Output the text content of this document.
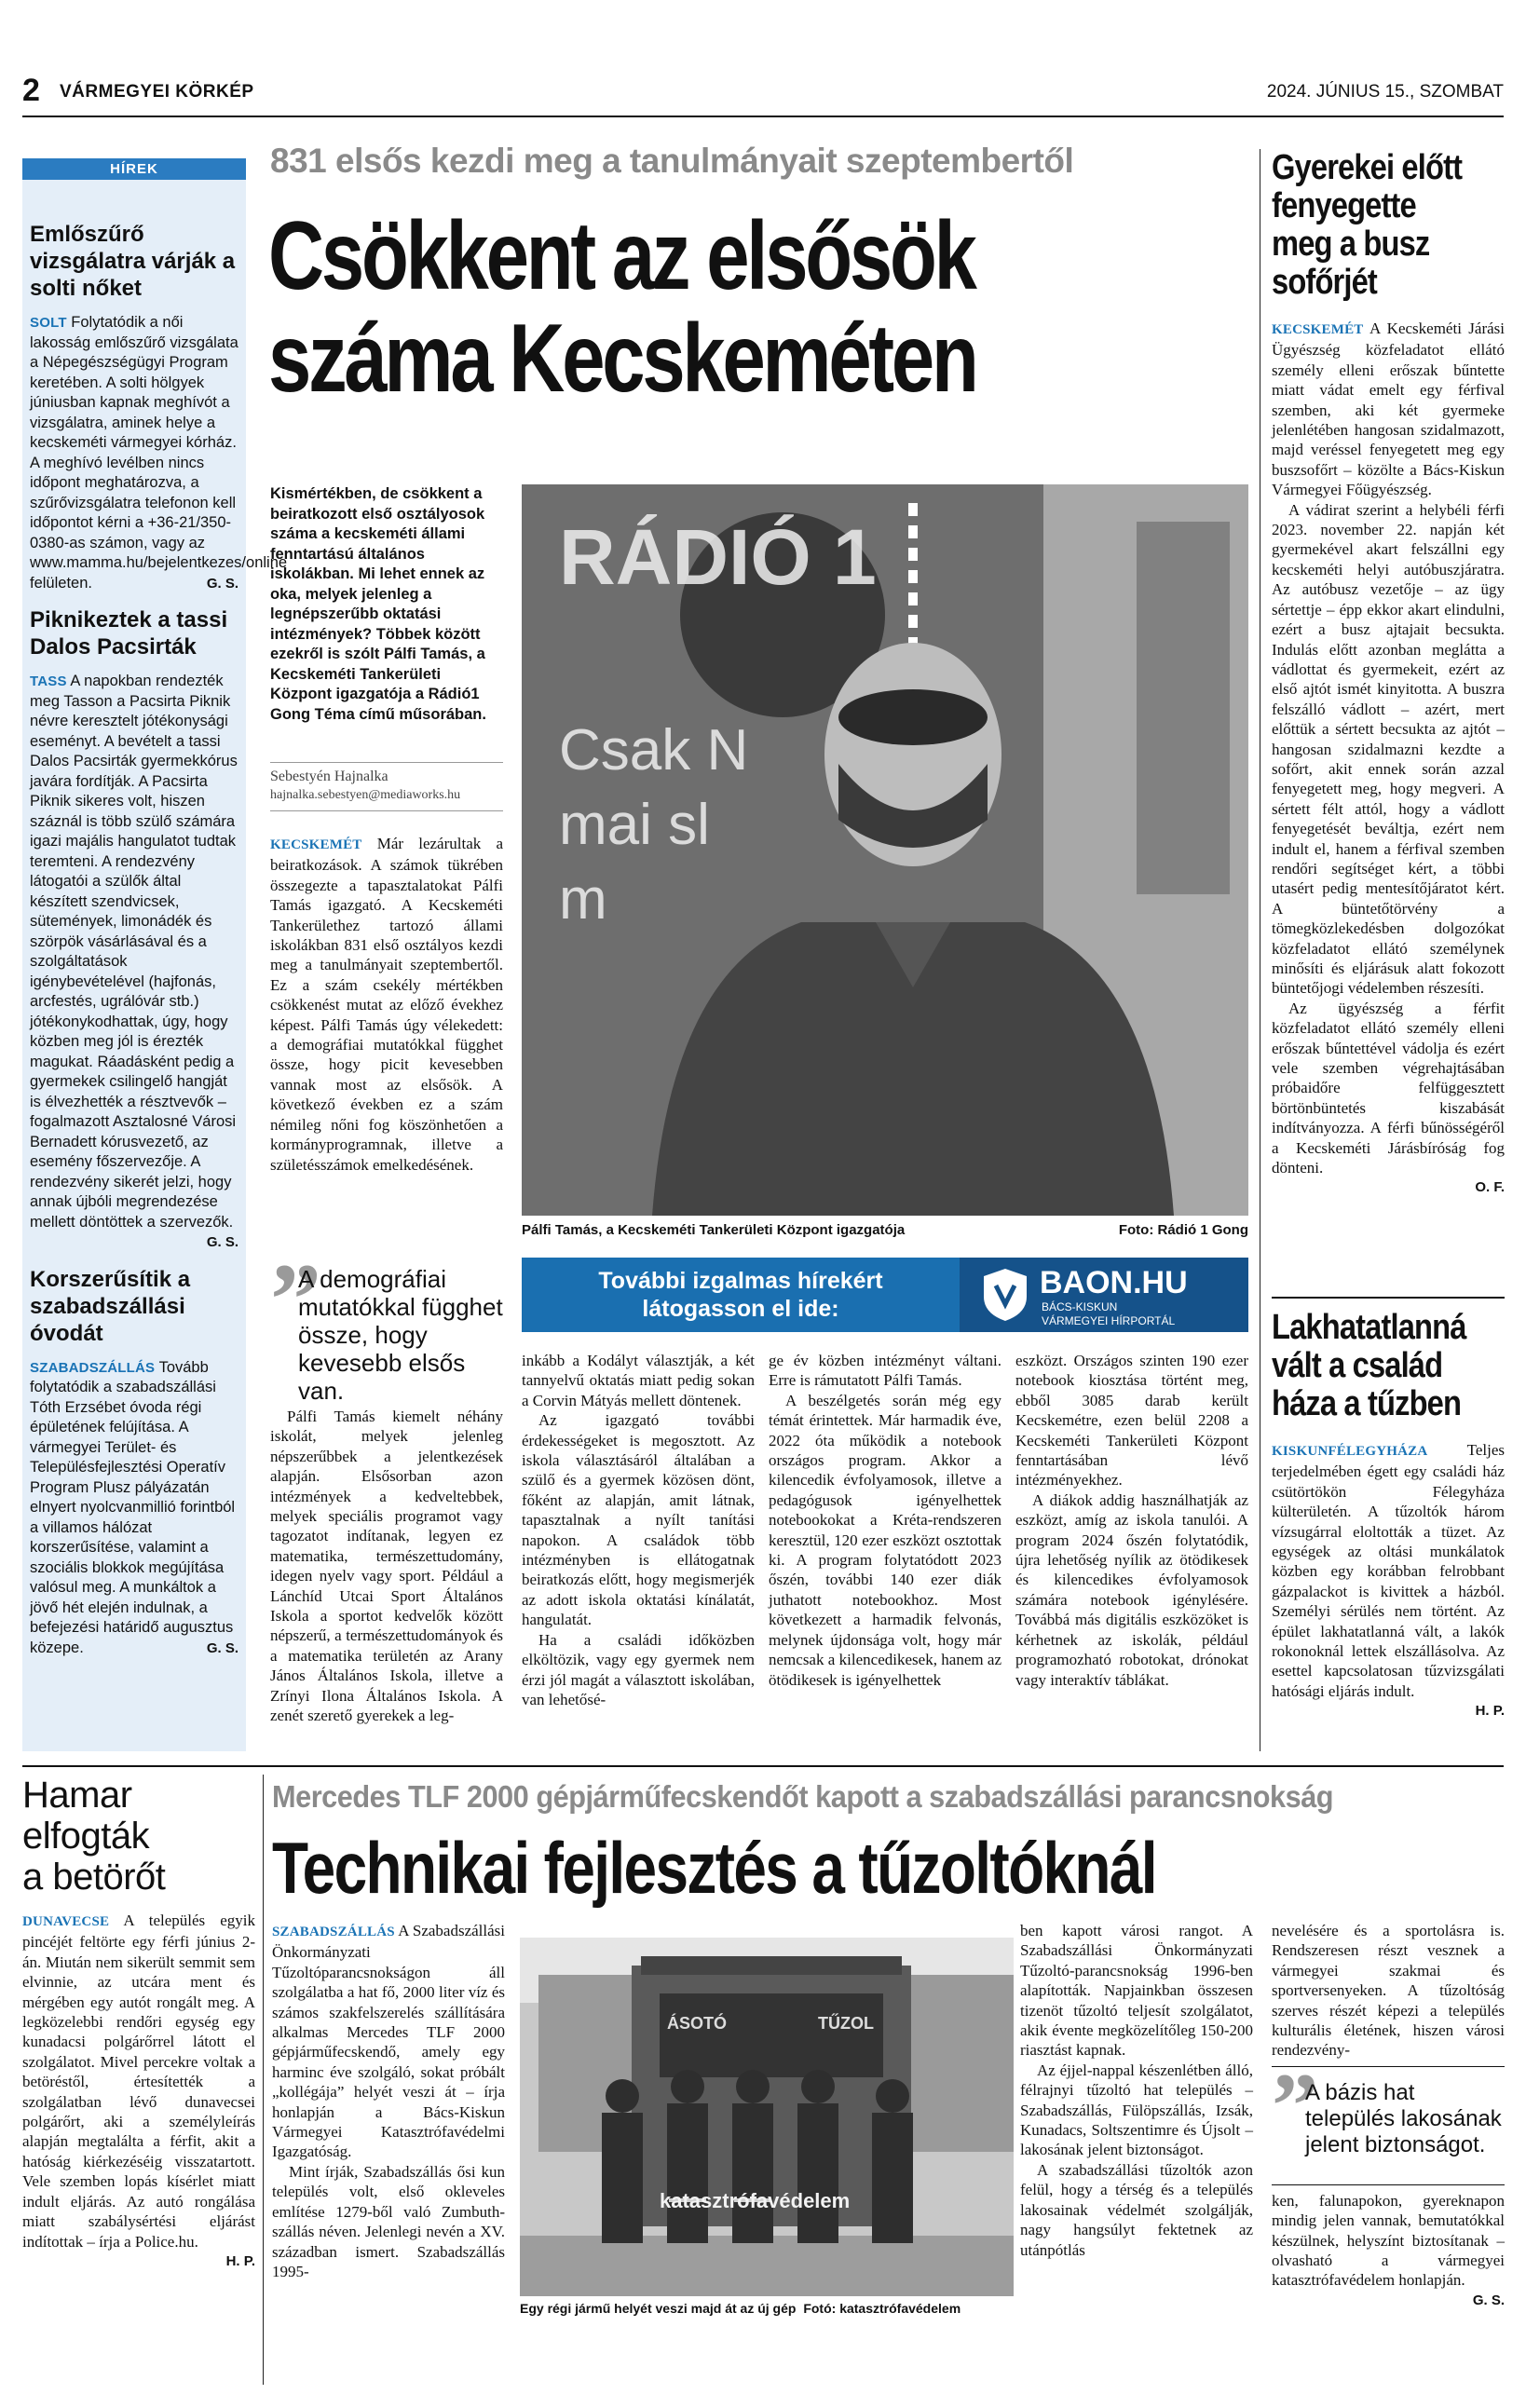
2 VÁRMEGYEI KÖRKÉP	2024. JÚNIUS 15., SZOMBAT
HÍREK
Emlőszűrő vizsgálatra várják a solti nőket
SOLT Folytatódik a női lakosság emlőszűrő vizsgálata a Népegészségügyi Program keretében. A solti hölgyek júniusban kapnak meghívót a vizsgálatra, aminek helye a kecskeméti vármegyei kórház. A meghívó levélben nincs időpont meghatározva, a szűrővizsgálatra telefonon kell időpontot kérni a +36-21/350-0380-as számon, vagy az www.mamma.hu/bejelentkezes/online felületen.	G. S.
Piknikeztek a tassi Dalos Pacsirták
TASS A napokban rendezték meg Tasson a Pacsirta Piknik névre keresztelt jótékonysági eseményt. A bevételt a tassi Dalos Pacsirták gyermekkórus javára fordítják. A Pacsirta Piknik sikeres volt, hiszen száznál is több szülő számára igazi majális hangulatot tudtak teremteni. A rendezvény látogatói a szülők által készített szendvicsek, sütemények, limonádék és szörpök vásárlásával és a szolgáltatások igénybevételével (hajfonás, arcfestés, ugrálóvár stb.) jótékonykodhattak, úgy, hogy közben meg jól is érezték magukat. Ráadásként pedig a gyermekek csilingelő hangját is élvezhették a résztvevők – fogalmazott Asztalosné Városi Bernadett kórusvezető, az esemény főszervezője. A rendezvény sikerét jelzi, hogy annak újbóli megrendezése mellett döntöttek a szervezők.
G. S.
Korszerűsítik a szabadszállási óvodát
SZABADSZÁLLÁS Tovább folytatódik a szabadszállási Tóth Erzsébet óvoda régi épületének felújítása. A vármegyei Terület- és Településfejlesztési Operatív Program Plusz pályázatán elnyert nyolcvanmillió forintból a villamos hálózat korszerűsítése, valamint a szociális blokkok megújítása valósul meg. A munkáltok a jövő hét elején indulnak, a befejezési határidő augusztus közepe.	G. S.
831 elsős kezdi meg a tanulmányait szeptembertől
Csökkent az elsősök
száma Kecskeméten
Kismértékben, de csökkent a beiratkozott első osztályosok száma a kecskeméti állami fenntartású általános iskolákban. Mi lehet ennek az oka, melyek jelenleg a legnépszerűbb oktatási intézmények? Többek között ezekről is szólt Pálfi Tamás, a Kecskeméti Tankerületi Központ igazgatója a Rádió1 Gong Téma című műsorában.
Sebestyén Hajnalka
hajnalka.sebestyen@mediaworks.hu
RÁDIÓ 1
Csak N
mai sl
m
Pálfi Tamás, a Kecskeméti Tankerületi Központ igazgatója	Foto: Rádió 1 Gong

KECSKEMÉT Már lezárultak a beiratkozások. A számok tükrében összegezte a tapasztalatokat Pálfi Tamás igazgató. A Kecskeméti Tankerülethez tartozó állami iskolákban 831 első osztályos kezdi meg a tanulmányait szeptembertől. Ez a szám csekély mértékben csökkenést mutat az előző évekhez képest. Pálfi Tamás úgy vélekedett: a demográfiai mutatókkal függhet össze, hogy picit kevesebben vannak most az elsősök. A következő években ez a szám némileg nőni fog köszönhetően a kormányprogramnak, illetve a születésszámok emelkedésének.

”
A demográfiai mutatókkal függhet össze, hogy kevesebb elsős van.
További izgalmas hírekért
látogasson el ide:
BAON.HU
BÁCS-KISKUN
VÁRMEGYEI HÍRPORTÁL

Pálfi Tamás kiemelt néhány iskolát, melyek jelenleg népszerűbbek a jelentkezések alapján. Elsősorban azon intézmények a kedveltebbek, melyek speciális programot vagy tagozatot indítanak, legyen ez matematika, természettudomány, idegen nyelv vagy sport. Például a Lánchíd Utcai Sport Általános Iskola a sportot kedvelők között népszerű, a természettudományok és a matematika területén az Arany János Általános Iskola, illetve a Zrínyi Ilona Általános Iskola. A zenét szerető gyerekek a leg-

inkább a Kodályt választják, a két tannyelvű oktatás miatt pedig sokan a Corvin Mátyás mellett döntenek.

Az igazgató további érdekességeket is megosztott. Az iskola választásáról általában a szülő és a gyermek közösen dönt, főként az alapján, amit látnak, tapasztalnak a nyílt tanítási napokon. A családok több intézményben is ellátogatnak beiratkozás előtt, hogy megismerjék az adott iskola oktatási kínálatát, hangulatát.

Ha a családi időközben elköltözik, vagy egy gyermek nem érzi jól magát a választott iskolában, van lehetősé-

ge év közben intézményt váltani. Erre is rámutatott Pálfi Tamás.

A beszélgetés során még egy témát érintettek. Már harmadik éve, 2022 óta működik a notebook országos program. Akkor a kilencedik évfolyamosok, illetve a pedagógusok igényelhettek notebookokat a Kréta-rendszeren keresztül, 120 ezer eszközt osztottak ki. A program folytatódott 2023 őszén, további 140 ezer diák juthatott notebookhoz. Most következett a harmadik felvonás, melynek újdonsága volt, hogy már nemcsak a kilencedikesek, hanem az ötödikesek is igényelhettek

eszközt. Országos szinten 190 ezer notebook kiosztása történt meg, ebből 3085 darab került Kecskemétre, ezen belül 2208 a Kecskeméti Tankerületi Központ fenntartásában lévő intézményekhez.

A diákok addig használhatják az eszközt, amíg az iskola tanulói. A program 2024 őszén folytatódik, újra lehetőség nyílik az ötödikesek és kilencedikes évfolyamosok számára notebook igénylésére. Továbbá más digitális eszközöket is kérhetnek az iskolák, például programozható robotokat, drónokat vagy interaktív táblákat.

Gyerekei előtt
fenyegette
meg a busz
sofőrjét

KECSKEMÉT A Kecskeméti Járási Ügyészség közfeladatot ellátó személy elleni erőszak bűntette miatt vádat emelt egy férfival szemben, aki két gyermeke jelenlétében hangosan szidalmazott, majd veréssel fenyegetett meg egy buszsofőrt – közölte a Bács-Kiskun Vármegyei Főügyészség.

A vádirat szerint a helybéli férfi 2023. november 22. napján két gyermekével akart felszállni egy kecskeméti helyi autóbuszjáratra. Az autóbusz vezetője – az ügy sértettje – épp ekkor akart elindulni, ezért a busz ajtajait becsukta. Indulás előtt azonban meglátta a vádlottat és gyermekeit, ezért az első ajtót ismét kinyitotta. A buszra felszálló vádlott – azért, mert előttük a sértett becsukta az ajtót – hangosan szidalmazni kezdte a sofőrt, akit ennek során azzal fenyegetett meg, hogy megveri. A sértett félt attól, hogy a vádlott fenyegetését beváltja, ezért nem indult el, hanem a férfival szemben rendőri segítséget kért, a többi utasért pedig mentesítőjáratot kért. A büntetőtörvény a tömegközlekedésben dolgozókat közfeladatot ellátó személynek minősíti és eljárásuk alatt fokozott büntetőjogi védelemben részesíti.

Az ügyészség a férfit közfeladatot ellátó személy elleni erőszak bűntettével vádolja és ezért vele szemben végrehajtásában próbaidőre felfüggesztett börtönbüntetés kiszabását indítványozza. A férfi bűnösségéről a Kecskeméti Járásbíróság fog dönteni.

O. F.
Lakhatatlanná
vált a család
háza a tűzben

KISKUNFÉLEGYHÁZA Teljes terjedelmében égett egy családi ház csütörtökön Félegyháza külterületén. A tűzoltók három vízsugárral eloltották a tüzet. Az egységek az oltási munkálatok közben egy korábban felrobbant gázpalackot is kivittek a házból. Személyi sérülés nem történt. Az épület lakhatatlanná vált, a lakók rokonoknál lettek elszállásolva. Az esettel kapcsolatosan tűzvizsgálati hatósági eljárás indult.

H. P.
Hamar
elfogták
a betörőt

DUNAVECSE A település egyik pincéjét feltörte egy férfi június 2-án. Miután nem sikerült semmit sem elvinnie, az utcára ment és mérgében egy autót rongált meg. A legközelebbi rendőri egység egy kunadacsi polgárőrrel látott el szolgálatot. Mivel percekre voltak a betöréstől, értesítették a szolgálatban lévő dunavecsei polgárőrt, aki a személyleírás alapján megtalálta a férfit, akit a hatóság kiérkezéséig visszatartott. Vele szemben lopás kísérlet miatt indult eljárás. Az autó rongálása miatt szabálysértési eljárást indítottak – írja a Police.hu.

H. P.
Mercedes TLF 2000 gépjárműfecskendőt kapott a szabadszállási parancsnokság
Technikai fejlesztés a tűzoltóknál

SZABADSZÁLLÁS A Szabadszállási Önkormányzati Tűzoltóparancsnokságon áll szolgálatba a hat fő, 2000 liter víz és számos szakfelszerelés szállítására alkalmas Mercedes TLF 2000 gépjárműfecskendő, amely egy harminc éve szolgáló, sokat próbált „kollégája” helyét veszi át – írja honlapján a Bács-Kiskun Vármegyei Katasztrófavédelmi Igazgatóság.

Mint írják, Szabadszállás ősi kun település volt, első okleveles említése 1279-ből való Zumbuth-szállás néven. Jelenlegi nevén a XV. században ismert. Szabadszállás 1995-

ÁSOTÓ	TŰZOL
katasztrófavédelem
Egy régi jármű helyét veszi majd át az új gép Fotó: katasztrófavédelem

ben kapott városi rangot. A Szabadszállási Önkormányzati Tűzoltó-parancsnokság 1996-ben alapították. Napjainkban összesen tizenöt tűzoltó teljesít szolgálatot, akik évente megközelítőleg 150-200 riasztást kapnak.

Az éjjel-nappal készenlétben álló, félrajnyi tűzoltó hat település – Szabadszállás, Fülöpszállás, Izsák, Kunadacs, Soltszentimre és Újsolt – lakosának jelent biztonságot.

A szabadszállási tűzoltók azon felül, hogy a térség és a település lakosainak védelmét szolgálják, nagy hangsúlyt fektetnek az utánpótlás

nevelésére és a sportolásra is. Rendszeresen részt vesznek a vármegyei szakmai és sportversenyeken. A tűzoltóság szerves részét képezi a település kulturális életének, hiszen városi rendezvény-

”
A bázis hat település lakosának jelent biztonságot.

ken, falunapokon, gyereknapon mindig jelen vannak, bemutatókkal készülnek, helyszínt biztosítanak – olvasható a vármegyei katasztrófavédelem honlapján.

G. S.
